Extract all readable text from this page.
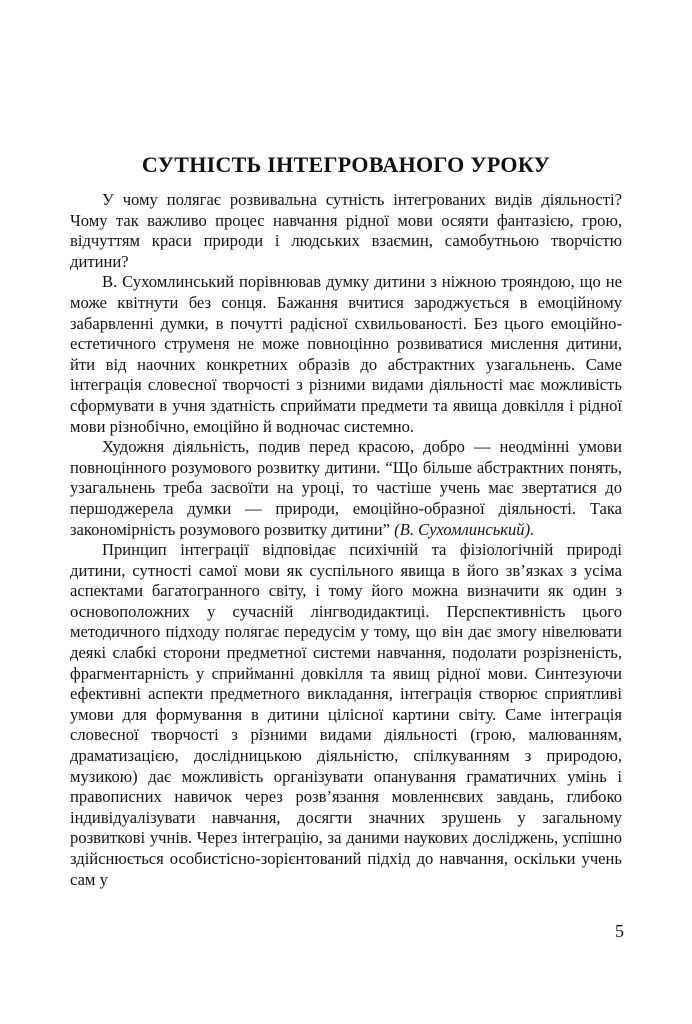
СУТНІСТЬ ІНТЕГРОВАНОГО УРОКУ

У чому полягає розвивальна сутність інтегрованих видів діяльності? Чому так важливо процес навчання рідної мови осяяти фантазією, грою, відчуттям краси природи і людських взаємин, самобутньою творчістю дитини?

В. Сухомлинський порівнював думку дитини з ніжною трояндою, що не може квітнути без сонця. Бажання вчитися зароджується в емоційному забарвленні думки, в почутті радісної схвильованості. Без цього емоційно-естетичного струменя не може повноцінно розвиватися мислення дитини, йти від наочних конкретних образів до абстрактних узагальнень. Саме інтеграція словесної творчості з різними видами діяльності має можливість сформувати в учня здатність сприймати предмети та явища довкілля і рідної мови різнобічно, емоційно й водночас системно.

Художня діяльність, подив перед красою, добро — неодмінні умови повноцінного розумового розвитку дитини. “Що більше абстрактних понять, узагальнень треба засвоїти на уроці, то частіше учень має звертатися до першоджерела думки — природи, емоційно-образної діяльності. Така закономірність розумового розвитку дитини” (В. Сухомлинський).

Принцип інтеграції відповідає психічній та фізіологічній природі дитини, сутності самої мови як суспільного явища в його зв’язках з усіма аспектами багатогранного світу, і тому його можна визначити як один з основоположних у сучасній лінгводидактиці. Перспективність цього методичного підходу полягає передусім у тому, що він дає змогу нівелювати деякі слабкі сторони предметної системи навчання, подолати розрізненість, фрагментарність у сприйманні довкілля та явищ рідної мови. Синтезуючи ефективні аспекти предметного викладання, інтеграція створює сприятливі умови для формування в дитини цілісної картини світу. Саме інтеграція словесної творчості з різними видами діяльності (грою, малюванням, драматизацією, дослідницькою діяльністю, спілкуванням з природою, музикою) дає можливість організувати опанування граматичних умінь і правописних навичок через розв’язання мовленнєвих завдань, глибоко індивідуалізувати навчання, досягти значних зрушень у загальному розвиткові учнів. Через інтеграцію, за даними наукових досліджень, успішно здійснюється особистісно-зорієнтований підхід до навчання, оскільки учень сам у

5
